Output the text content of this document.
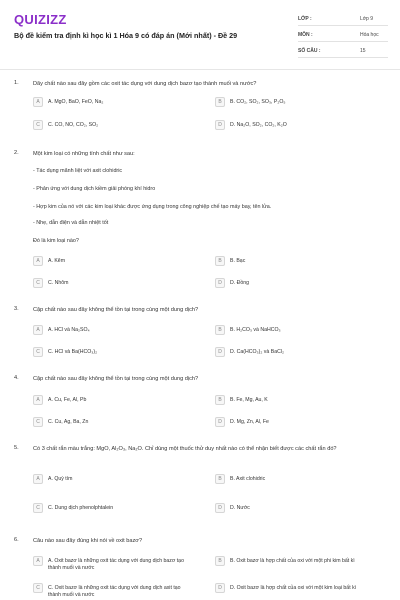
QUIZIZZ
Bộ đề kiểm tra định kì học kì 1 Hóa 9 có đáp án (Mới nhất) - Đề 29
LỚP :	Lớp 9
MÔN :	Hóa học
SỐ CÂU :	15
1.	Dãy chất nào sau đây gồm các oxit tác dụng với dung dịch bazơ tạo thành muối và nước?
A	A. MgO, BaO, FeO, Na₂	B	B. CO₂, SO₂, SO₃, P₂O₅
C	C. CO, NO, CO₂, SO₂	D	D. Na₂O, SO₂, CO₂, K₂O
2.	Một kim loại có những tính chất như sau:
- Tác dụng mãnh liệt với axit clohidric
- Phản ứng với dung dịch kiềm giải phóng khí hidro
- Hợp kim của nó với các kim loại khác được ứng dụng trong công nghiệp chế tạo máy bay, tên lửa.
- Nhẹ, dẫn điện và dẫn nhiệt tốt
Đó là kim loại nào?
A	A. Kẽm	B	B. Bạc
C	C. Nhôm	D	D. Đồng
3.	Cặp chất nào sau đây không thể tồn tại trong cùng một dung dịch?
A	A. HCl và Na₂SO₄	B	B. H₂CO₃ và NaHCO₃
C	C. HCl và Ba(HCO₃)₂	D	D. Ca(HCO₃)₂ và BaCl₂
4.	Cặp chất nào sau đây không thể tồn tại trong cùng một dung dịch?
A	A. Cu, Fe, Al, Pb	B	B. Fe, Mg, Au, K
C	C. Cu, Ag, Ba, Zn	D	D. Mg, Zn, Al, Fe
5.	Có 3 chất rắn màu trắng: MgO, Al₂O₃, Na₂O. Chỉ dùng một thuốc thử duy nhất nào có thể nhận biết được các chất rắn đó?
A	A. Quỳ tím	B	B. Axit clohidric
C	C. Dung dịch phenolphtalein	D	D. Nước
6.	Câu nào sau đây đúng khi nói về oxit bazơ?
A	A. Oxit bazơ là những oxit tác dụng với dung dịch bazơ tạo thành muối và nước
B	B. Oxit bazơ là hợp chất của oxi với một phi kim bất kì
C	C. Oxit bazơ là những oxit tác dụng với dung dịch axit tạo thành muối và nước
D	D. Oxit bazơ là hợp chất của oxi với một kim loại bất kì
